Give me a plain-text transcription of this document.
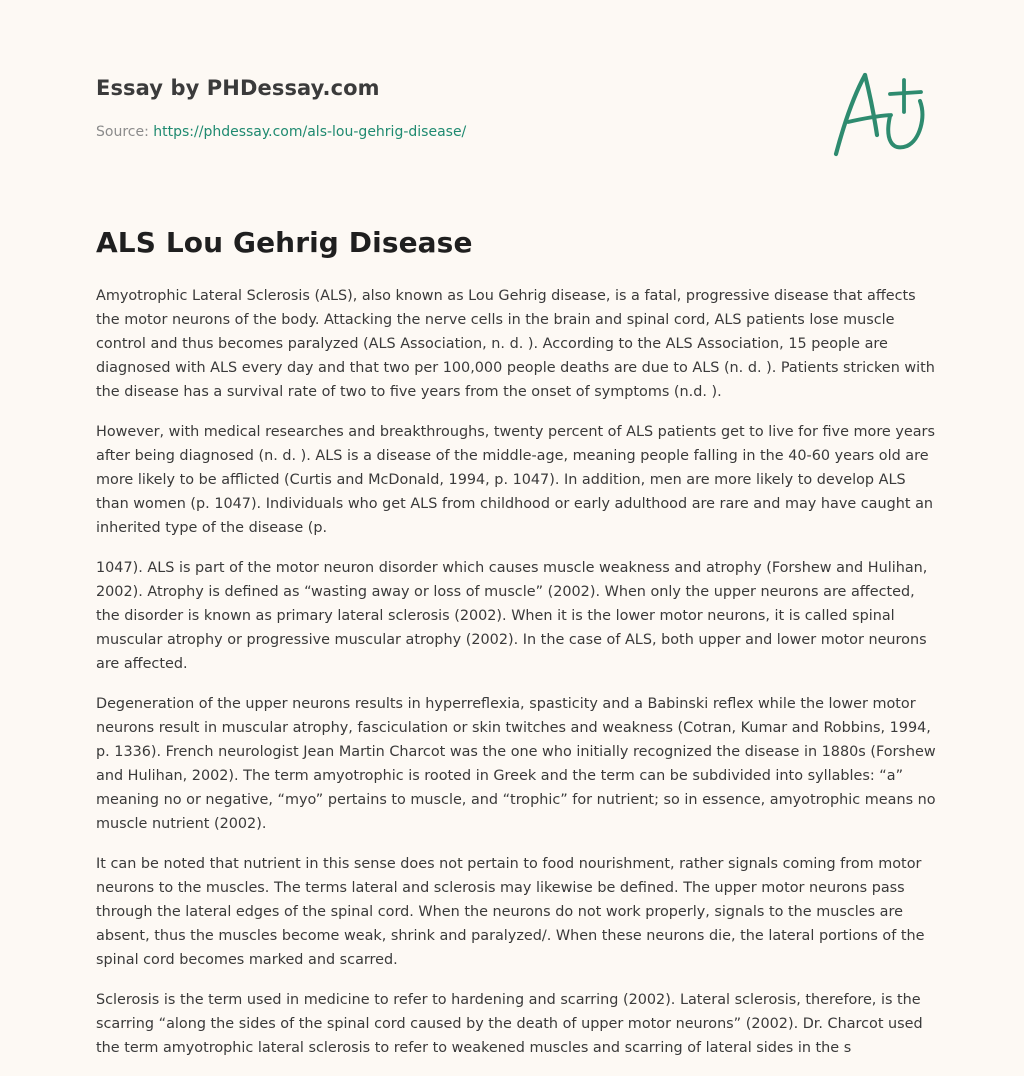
Essay by PHDessay.com
Source: https://phdessay.com/als-lou-gehrig-disease/
ALS Lou Gehrig Disease

Amyotrophic Lateral Sclerosis (ALS), also known as Lou Gehrig disease, is a fatal, progressive disease that affects the motor neurons of the body. Attacking the nerve cells in the brain and spinal cord, ALS patients lose muscle control and thus becomes paralyzed (ALS Association, n. d. ). According to the ALS Association, 15 people are diagnosed with ALS every day and that two per 100,000 people deaths are due to ALS (n. d. ). Patients stricken with the disease has a survival rate of two to five years from the onset of symptoms (n.d. ).

However, with medical researches and breakthroughs, twenty percent of ALS patients get to live for five more years after being diagnosed (n. d. ). ALS is a disease of the middle-age, meaning people falling in the 40-60 years old are more likely to be afflicted (Curtis and McDonald, 1994, p. 1047). In addition, men are more likely to develop ALS than women (p. 1047). Individuals who get ALS from childhood or early adulthood are rare and may have caught an inherited type of the disease (p.

1047). ALS is part of the motor neuron disorder which causes muscle weakness and atrophy (Forshew and Hulihan, 2002). Atrophy is defined as “wasting away or loss of muscle” (2002). When only the upper neurons are affected, the disorder is known as primary lateral sclerosis (2002). When it is the lower motor neurons, it is called spinal muscular atrophy or progressive muscular atrophy (2002). In the case of ALS, both upper and lower motor neurons are affected.

Degeneration of the upper neurons results in hyperreflexia, spasticity and a Babinski reflex while the lower motor neurons result in muscular atrophy, fasciculation or skin twitches and weakness (Cotran, Kumar and Robbins, 1994, p. 1336). French neurologist Jean Martin Charcot was the one who initially recognized the disease in 1880s (Forshew and Hulihan, 2002). The term amyotrophic is rooted in Greek and the term can be subdivided into syllables: “a” meaning no or negative, “myo” pertains to muscle, and “trophic” for nutrient; so in essence, amyotrophic means no muscle nutrient (2002).

It can be noted that nutrient in this sense does not pertain to food nourishment, rather signals coming from motor neurons to the muscles. The terms lateral and sclerosis may likewise be defined. The upper motor neurons pass through the lateral edges of the spinal cord. When the neurons do not work properly, signals to the muscles are absent, thus the muscles become weak, shrink and paralyzed/. When these neurons die, the lateral portions of the spinal cord becomes marked and scarred.

Sclerosis is the term used in medicine to refer to hardening and scarring (2002). Lateral sclerosis, therefore, is the scarring “along the sides of the spinal cord caused by the death of upper motor neurons” (2002). Dr. Charcot used the term amyotrophic lateral sclerosis to refer to weakened muscles and scarring of lateral sides in the s
